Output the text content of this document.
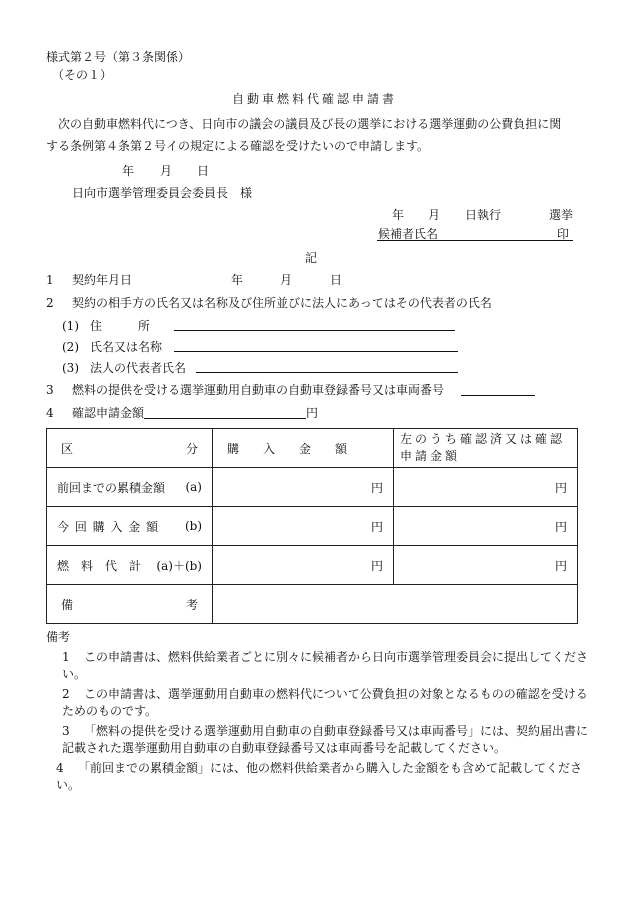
様式第２号（第３条関係）
（その１）
自動車燃料代確認申請書
次の自動車燃料代につき、日向市の議会の議員及び長の選挙における選挙運動の公費負担に関
する条例第４条第２号イの規定による確認を受けたいので申請します。
年 月 日
日向市選挙管理委員会委員長　様
年 月 日執行	選挙
候補者氏名	印
記
1 契約年月日	年	月	日
2 契約の相手方の氏名又は名称及び住所並びに法人にあってはその代表者の氏名
(1) 住　　　所
(2) 氏名又は名称
(3) 法人の代表者氏名
3 燃料の提供を受ける選挙運動用自動車の自動車登録番号又は車両番号
4 確認申請金額	円
区 分	購　　入　　金　　額	左のうち確認済又は確認申請金額

前回までの累積金額 (a)	円	円

今 回 購 入 金 額 (b)	円	円

燃　料　代　計 (a)＋(b)	円	円

備 考		

備考
1 この申請書は、燃料供給業者ごとに別々に候補者から日向市選挙管理委員会に提出してください。
2 この申請書は、選挙運動用自動車の燃料代について公費負担の対象となるものの確認を受けるためのものです。
3 「燃料の提供を受ける選挙運動用自動車の自動車登録番号又は車両番号」には、契約届出書に記載された選挙運動用自動車の自動車登録番号又は車両番号を記載してください。
4 「前回までの累積金額」には、他の燃料供給業者から購入した金額をも含めて記載してください。
